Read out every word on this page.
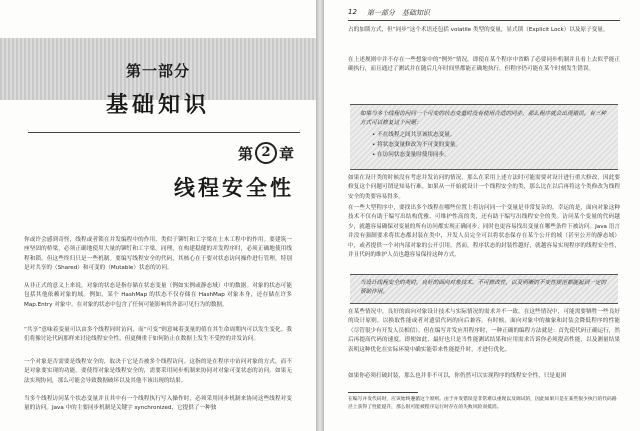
第一部分
基础知识
第 2 章
线程安全性

你或许会感到奇怪，线程或者锁在并发编程中的作用，类似于铆钉和工字梁在土木工程中的作用。要建筑一座坚固的桥梁，必须正确地使用大量的铆钉和工字梁。同理，在构建稳健的并发程序时，必须正确地使用线程和锁。但这些终归只是一些机制。要编写线程安全的代码，其核心在于要对状态访问操作进行管理，特别是对共享的（Shared）和可变的（Mutable）状态的访问。

从非正式的意义上来说，对象的状态是指存储在状态变量（例如实例或静态域）中的数据。对象的状态可能包括其他依赖对象的域。例如，某个 HashMap 的状态不仅存储在 HashMap 对象本身，还存储在许多 Map.Entry 对象中。在对象的状态中包含了任何可能影响其外部可见行为的数据。

“共享”意味着变量可以由多个线程同时访问，而“可变”则意味着变量的值在其生命周期内可以发生变化。我们将像讨论代码那样来讨论线程安全性，但更侧重于如何防止在数据上发生不受控的并发访问。

一个对象是否需要是线程安全的，取决于它是否被多个线程访问。这指的是在程序中访问对象的方式，而不是对象要实现的功能。要使得对象是线程安全的，需要采用同步机制来协同对对象可变状态的访问。如果无法实现协同，那么可能会导致数据破坏以及其他不该出现的结果。

当多个线程访问某个状态变量并且其中有一个线程执行写入操作时，必须采用同步机制来协同这些线程对变量的访问。Java 中的主要同步机制是关键字 synchronized，它提供了一种独

12 第一部分　基础知识

占的加锁方式，但“同步”这个术语还包括 volatile 类型的变量，显式锁（Explicit Lock）以及原子变量。

在上述规则中并不存在一些想象中的“例外”情况。即使在某个程序中省略了必要同步机制并且看上去似乎能正确执行，而且通过了测试并在随后几年时间里都能正确地执行，但程序仍可能在某个时刻发生错误。

如果当多个线程访问同一个可变的状态变量时没有使用合适的同步，那么程序就会出现错误。有三种方式可以修复这个问题：

• 不在线程之间共享该状态变量。
• 将状态变量修改为不可变的变量。
• 在访问状态变量时使用同步。

如果在设计类的时候没有考虑并发访问的情况，那么在采用上述方法时可能需要对设计进行重大修改，因此要修复这个问题可谓是知易行难。如果从一开始就设计一个线程安全的类，那么比在以后再将这个类修改为线程安全的类要容易得多。

在一些大型程序中，要找出多个线程在哪些位置上将访问同一个变量是非常复杂的。幸运的是，面向对象这种技术不仅有助于编写出结构优雅、可维护性高的类，还有助于编写出线程安全的类。访问某个变量的代码越少，就越容易确保对变量的所有访问都实现正确同步，同时也更容易找出变量在哪些条件下被访问。Java 语言并没有强制要求将状态都封装在类中，开发人员完全可以将状态保存在某个公开的域（甚至公开的静态域）中，或者提供一个对内部对象的公开引用。然而，程序状态的封装性越好，就越容易实现程序的线程安全性，并且代码的维护人员也越容易保持这种方式。

当设计线程安全的类时，良好的面向对象技术、不可修改性，以及明晰的不变性规范都能起到一定的帮助作用。

在某些情况中，良好的面向对象设计技术与实际情况的需求并不一致。在这些情况中，可能需要牺牲一些良好的设计原则，以换取性能或者对遗留代码的向后兼容。有时候，面向对象中的抽象和封装会降低程序的性能（尽管很少有开发人员相信），但在编写并发应用程序时，一种正确的编程方法就是：首先使代码正确运行，然后再提高代码的速度。即便如此，最好也只是当性能测试结果和应用需求告诉你必须提高性能，以及测量结果表明这种优化在实际环境中确实能带来性能提升时，才进行优化。

如果你必须打破封装，那么也并非不可以，你仍然可以实现程序的线程安全性，只是更困

在编写并发代码时，应该始终遵循这个原则。由于并发错误是非常难以重现以及调试的，因此如果只是在某些很少执行的代码路径上获得了性能提升，那么很可能被程序运行时存在的失败风险而抵消。
